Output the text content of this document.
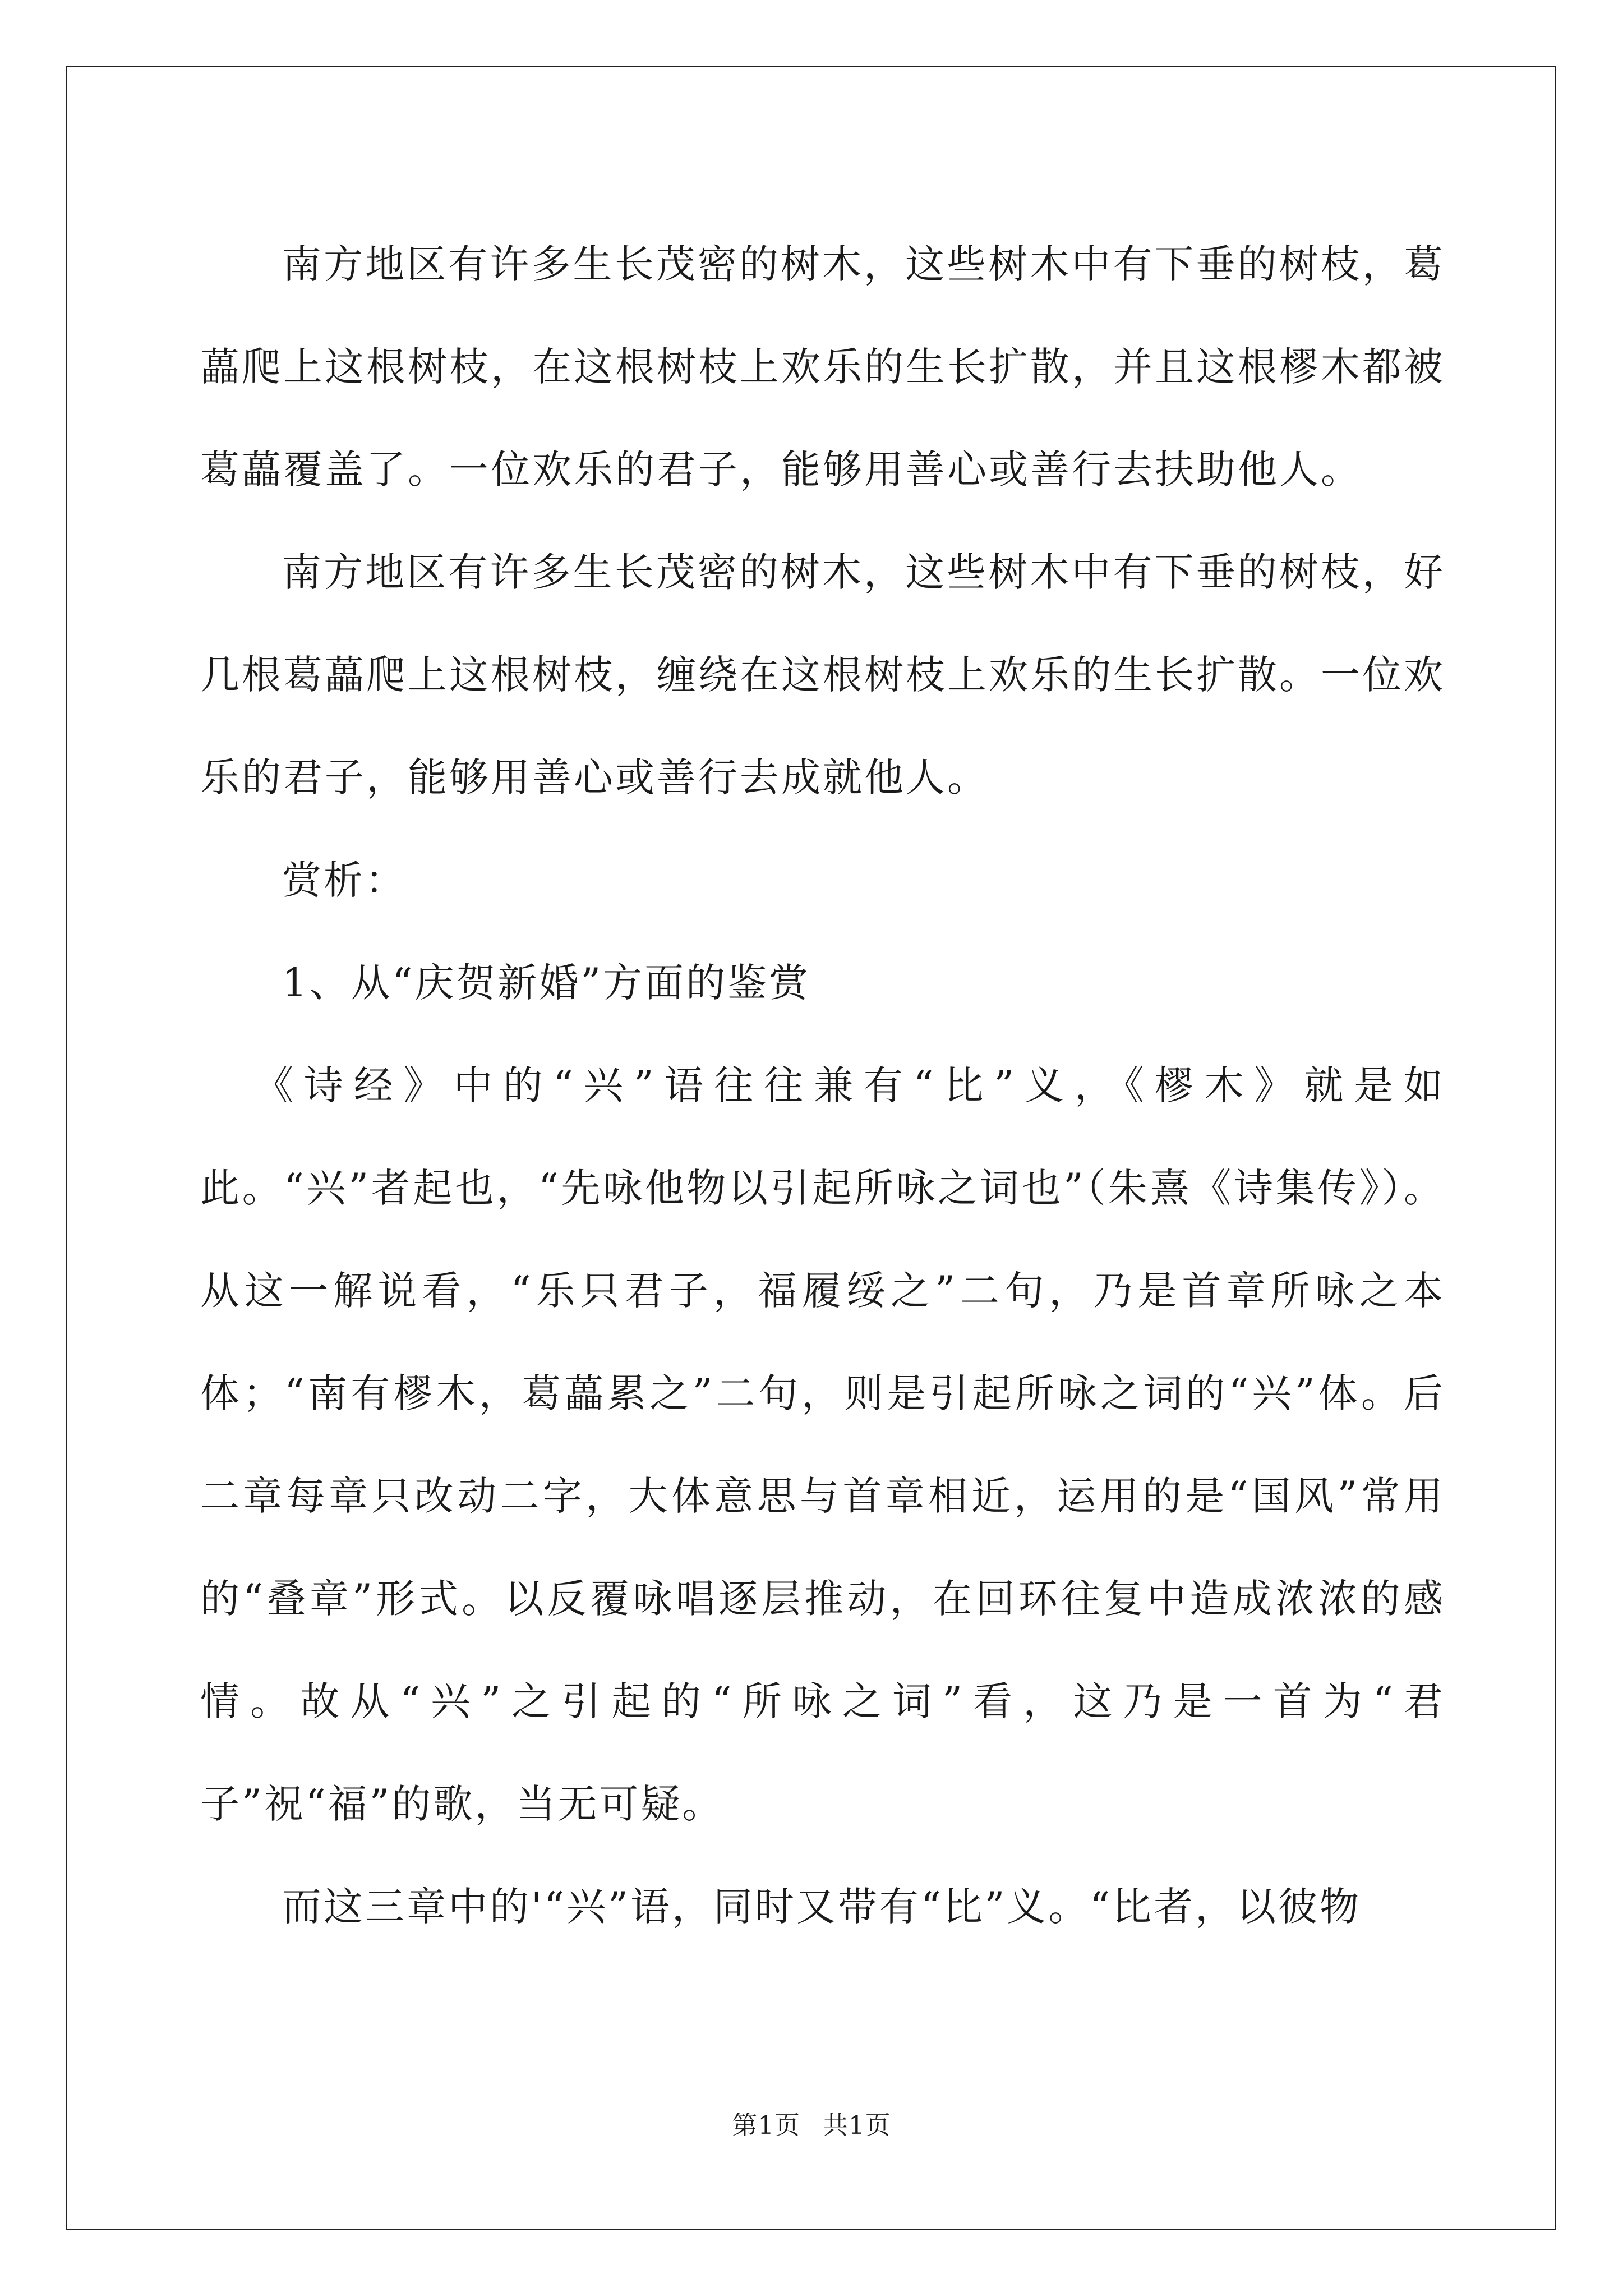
南方地区有许多生长茂密的树木，这些树木中有下垂的树枝，葛藟爬上这根树枝，在这根树枝上欢乐的生长扩散，并且这根樛木都被葛藟覆盖了。一位欢乐的君子，能够用善心或善行去扶助他人。

南方地区有许多生长茂密的树木，这些树木中有下垂的树枝，好几根葛藟爬上这根树枝，缠绕在这根树枝上欢乐的生长扩散。一位欢乐的君子，能够用善心或善行去成就他人。

赏析：

1、从“庆贺新婚”方面的鉴赏

《诗经》中的“兴”语往往兼有“比”义，《樛木》就是如此。“兴”者起也，“先咏他物以引起所咏之词也”（朱熹《诗集传》）。从这一解说看，“乐只君子，福履绥之”二句，乃是首章所咏之本体；“南有樛木，葛藟累之”二句，则是引起所咏之词的“兴”体。后二章每章只改动二字，大体意思与首章相近，运用的是“国风”常用的“叠章”形式。以反覆咏唱逐层推动，在回环往复中造成浓浓的感情。故从“兴”之引起的“所咏之词”看，这乃是一首为“君子”祝“福”的歌，当无可疑。

而这三章中的'“兴”语，同时又带有“比”义。“比者，以彼物

第1页 共1页
